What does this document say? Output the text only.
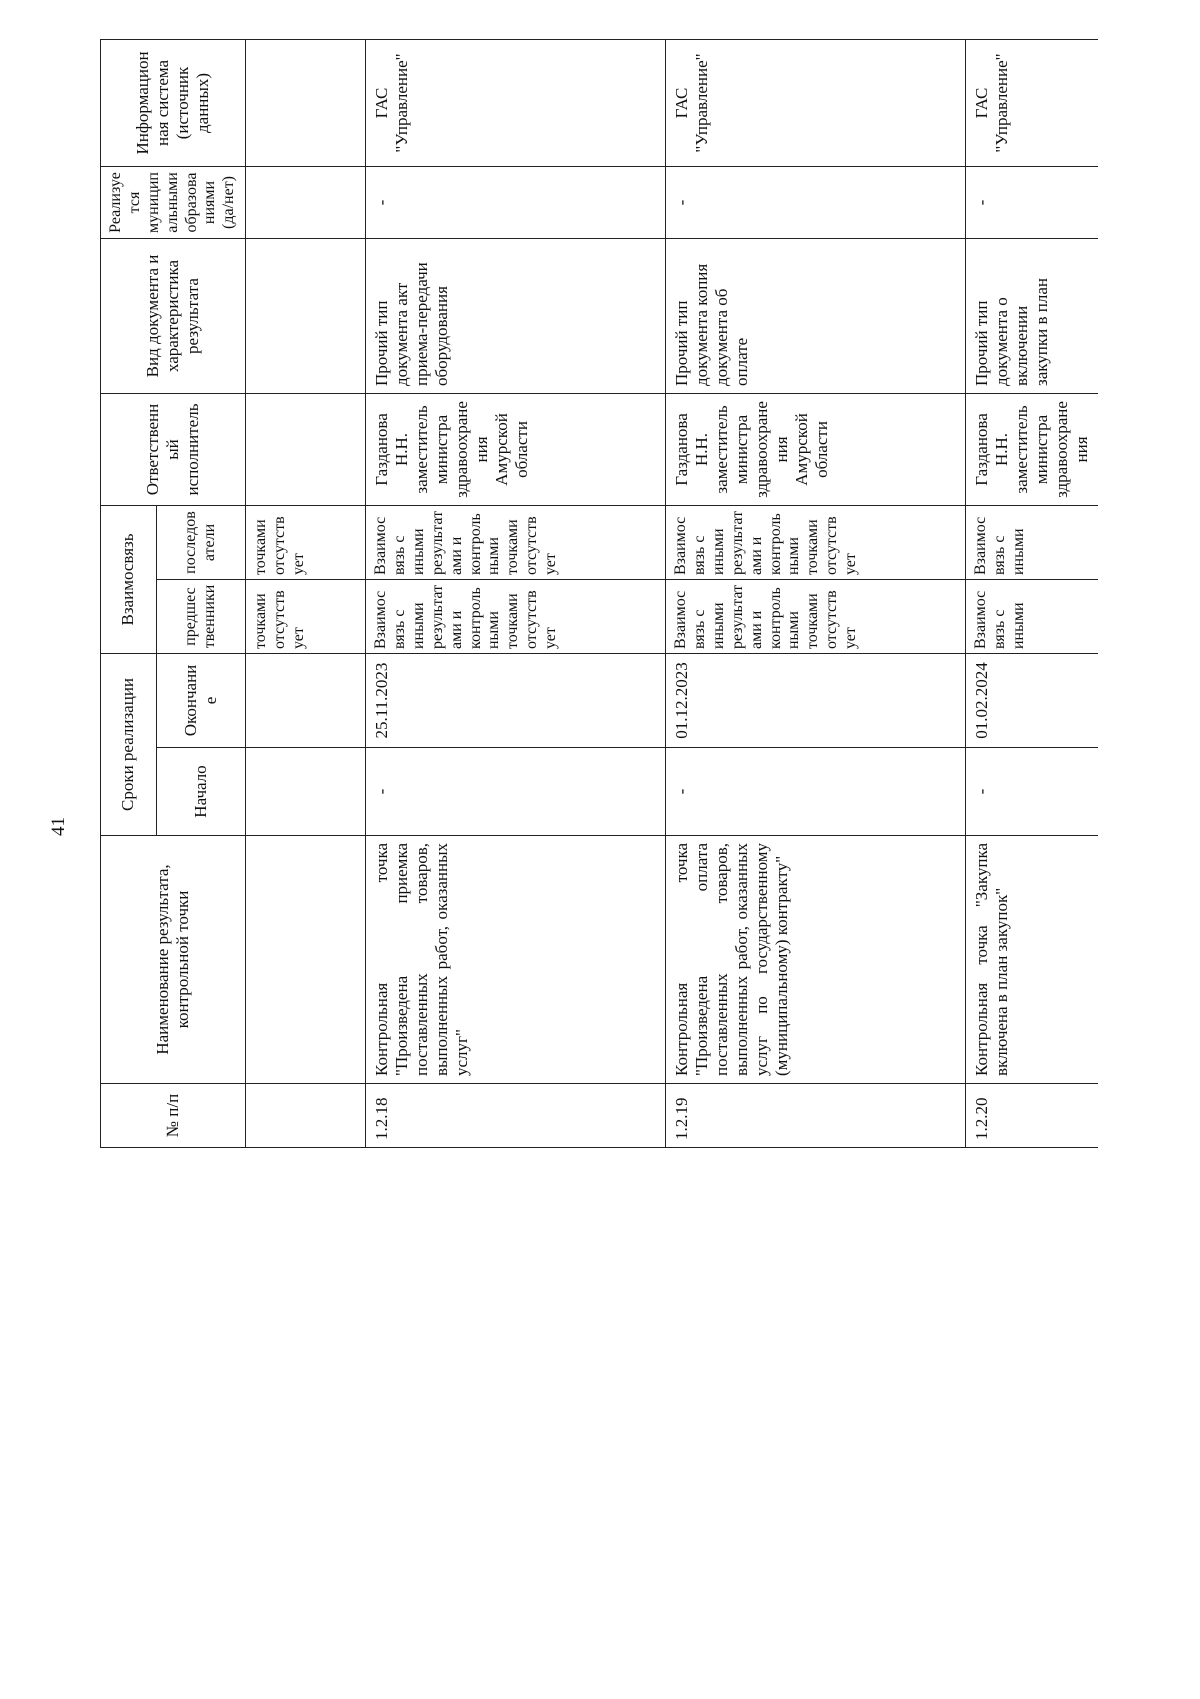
41
№ п/п	Наименование результата, контрольной точки	Сроки реализации		Взаимосвязь		Ответственный исполнитель	Вид документа и характеристика результата	Реализуется муниципальными образованиями (да/нет)	Информационная система (источник данных)
		Начало	Окончание	предшественники	последователи				
				точками отсутствует	точками отсутствует				
1.2.18	Контрольная точка "Произведена приемка поставленных товаров, выполненных работ, оказанных услуг"	-	25.11.2023	Взаимосвязь с иными результатами и контрольными точками отсутствует	Взаимосвязь с иными результатами и контрольными точками отсутствует	Газданова Н.Н. заместитель министра здравоохранения Амурской области	Прочий тип документа акт приема-передачи оборудования	-	ГАС "Управление"
1.2.19	Контрольная точка "Произведена оплата поставленных товаров, выполненных работ, оказанных услуг по государственному (муниципальному) контракту"	-	01.12.2023	Взаимосвязь с иными результатами и контрольными точками отсутствует	Взаимосвязь с иными результатами и контрольными точками отсутствует	Газданова Н.Н. заместитель министра здравоохранения Амурской области	Прочий тип документа копия документа об оплате	-	ГАС "Управление"
1.2.20	Контрольная точка "Закупка включена в план закупок"	-	01.02.2024	Взаимосвязь с иными	Взаимосвязь с иными	Газданова Н.Н. заместитель министра здравоохранения	Прочий тип документа о включении закупки в план	-	ГАС "Управление"
